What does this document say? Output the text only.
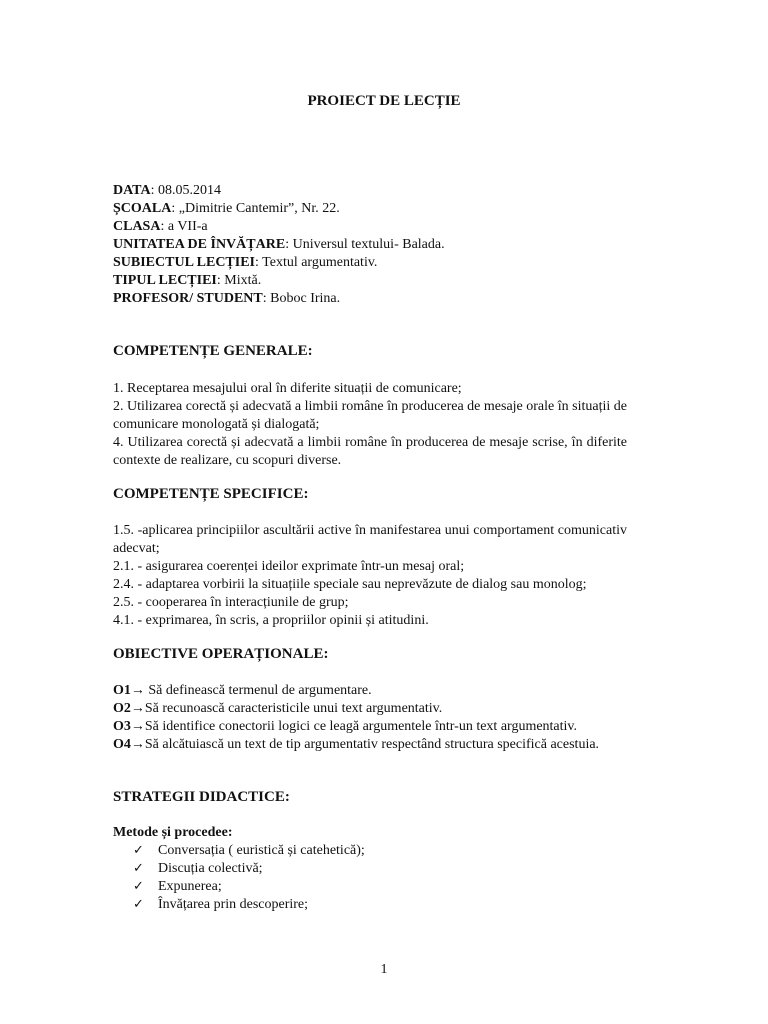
PROIECT DE LECȚIE
DATA: 08.05.2014
ȘCOALA: „Dimitrie Cantemir”, Nr. 22.
CLASA: a VII-a
UNITATEA DE ÎNVĂȚARE: Universul textului- Balada.
SUBIECTUL LECȚIEI: Textul argumentativ.
TIPUL LECȚIEI: Mixtă.
PROFESOR/ STUDENT: Boboc Irina.
COMPETENȚE GENERALE:
1. Receptarea mesajului oral în diferite situații de comunicare;
2. Utilizarea corectă și adecvată a limbii române în producerea de mesaje orale în situații de comunicare monologată și dialogată;
4. Utilizarea corectă și adecvată a limbii române în producerea de mesaje scrise, în diferite contexte de realizare, cu scopuri diverse.
COMPETENȚE SPECIFICE:
1.5. -aplicarea principiilor ascultării active în manifestarea unui comportament comunicativ adecvat;
2.1. - asigurarea coerenței ideilor exprimate într-un mesaj oral;
2.4. - adaptarea vorbirii la situațiile speciale sau neprevăzute de dialog sau monolog;
2.5. - cooperarea în interacțiunile de grup;
4.1. - exprimarea, în scris, a propriilor opinii și atitudini.
OBIECTIVE OPERAȚIONALE:
O1→ Să definească termenul de argumentare.
O2→Să recunoască caracteristicile unui text argumentativ.
O3→Să identifice conectorii logici ce leagă argumentele într-un text argumentativ.
O4→Să alcătuiască un text de tip argumentativ respectând structura specifică acestuia.
STRATEGII DIDACTICE:
Metode și procedee:
✓ Conversația ( euristică și catehetică);
✓ Discuția colectivă;
✓ Expunerea;
✓ Învățarea prin descoperire;
1
